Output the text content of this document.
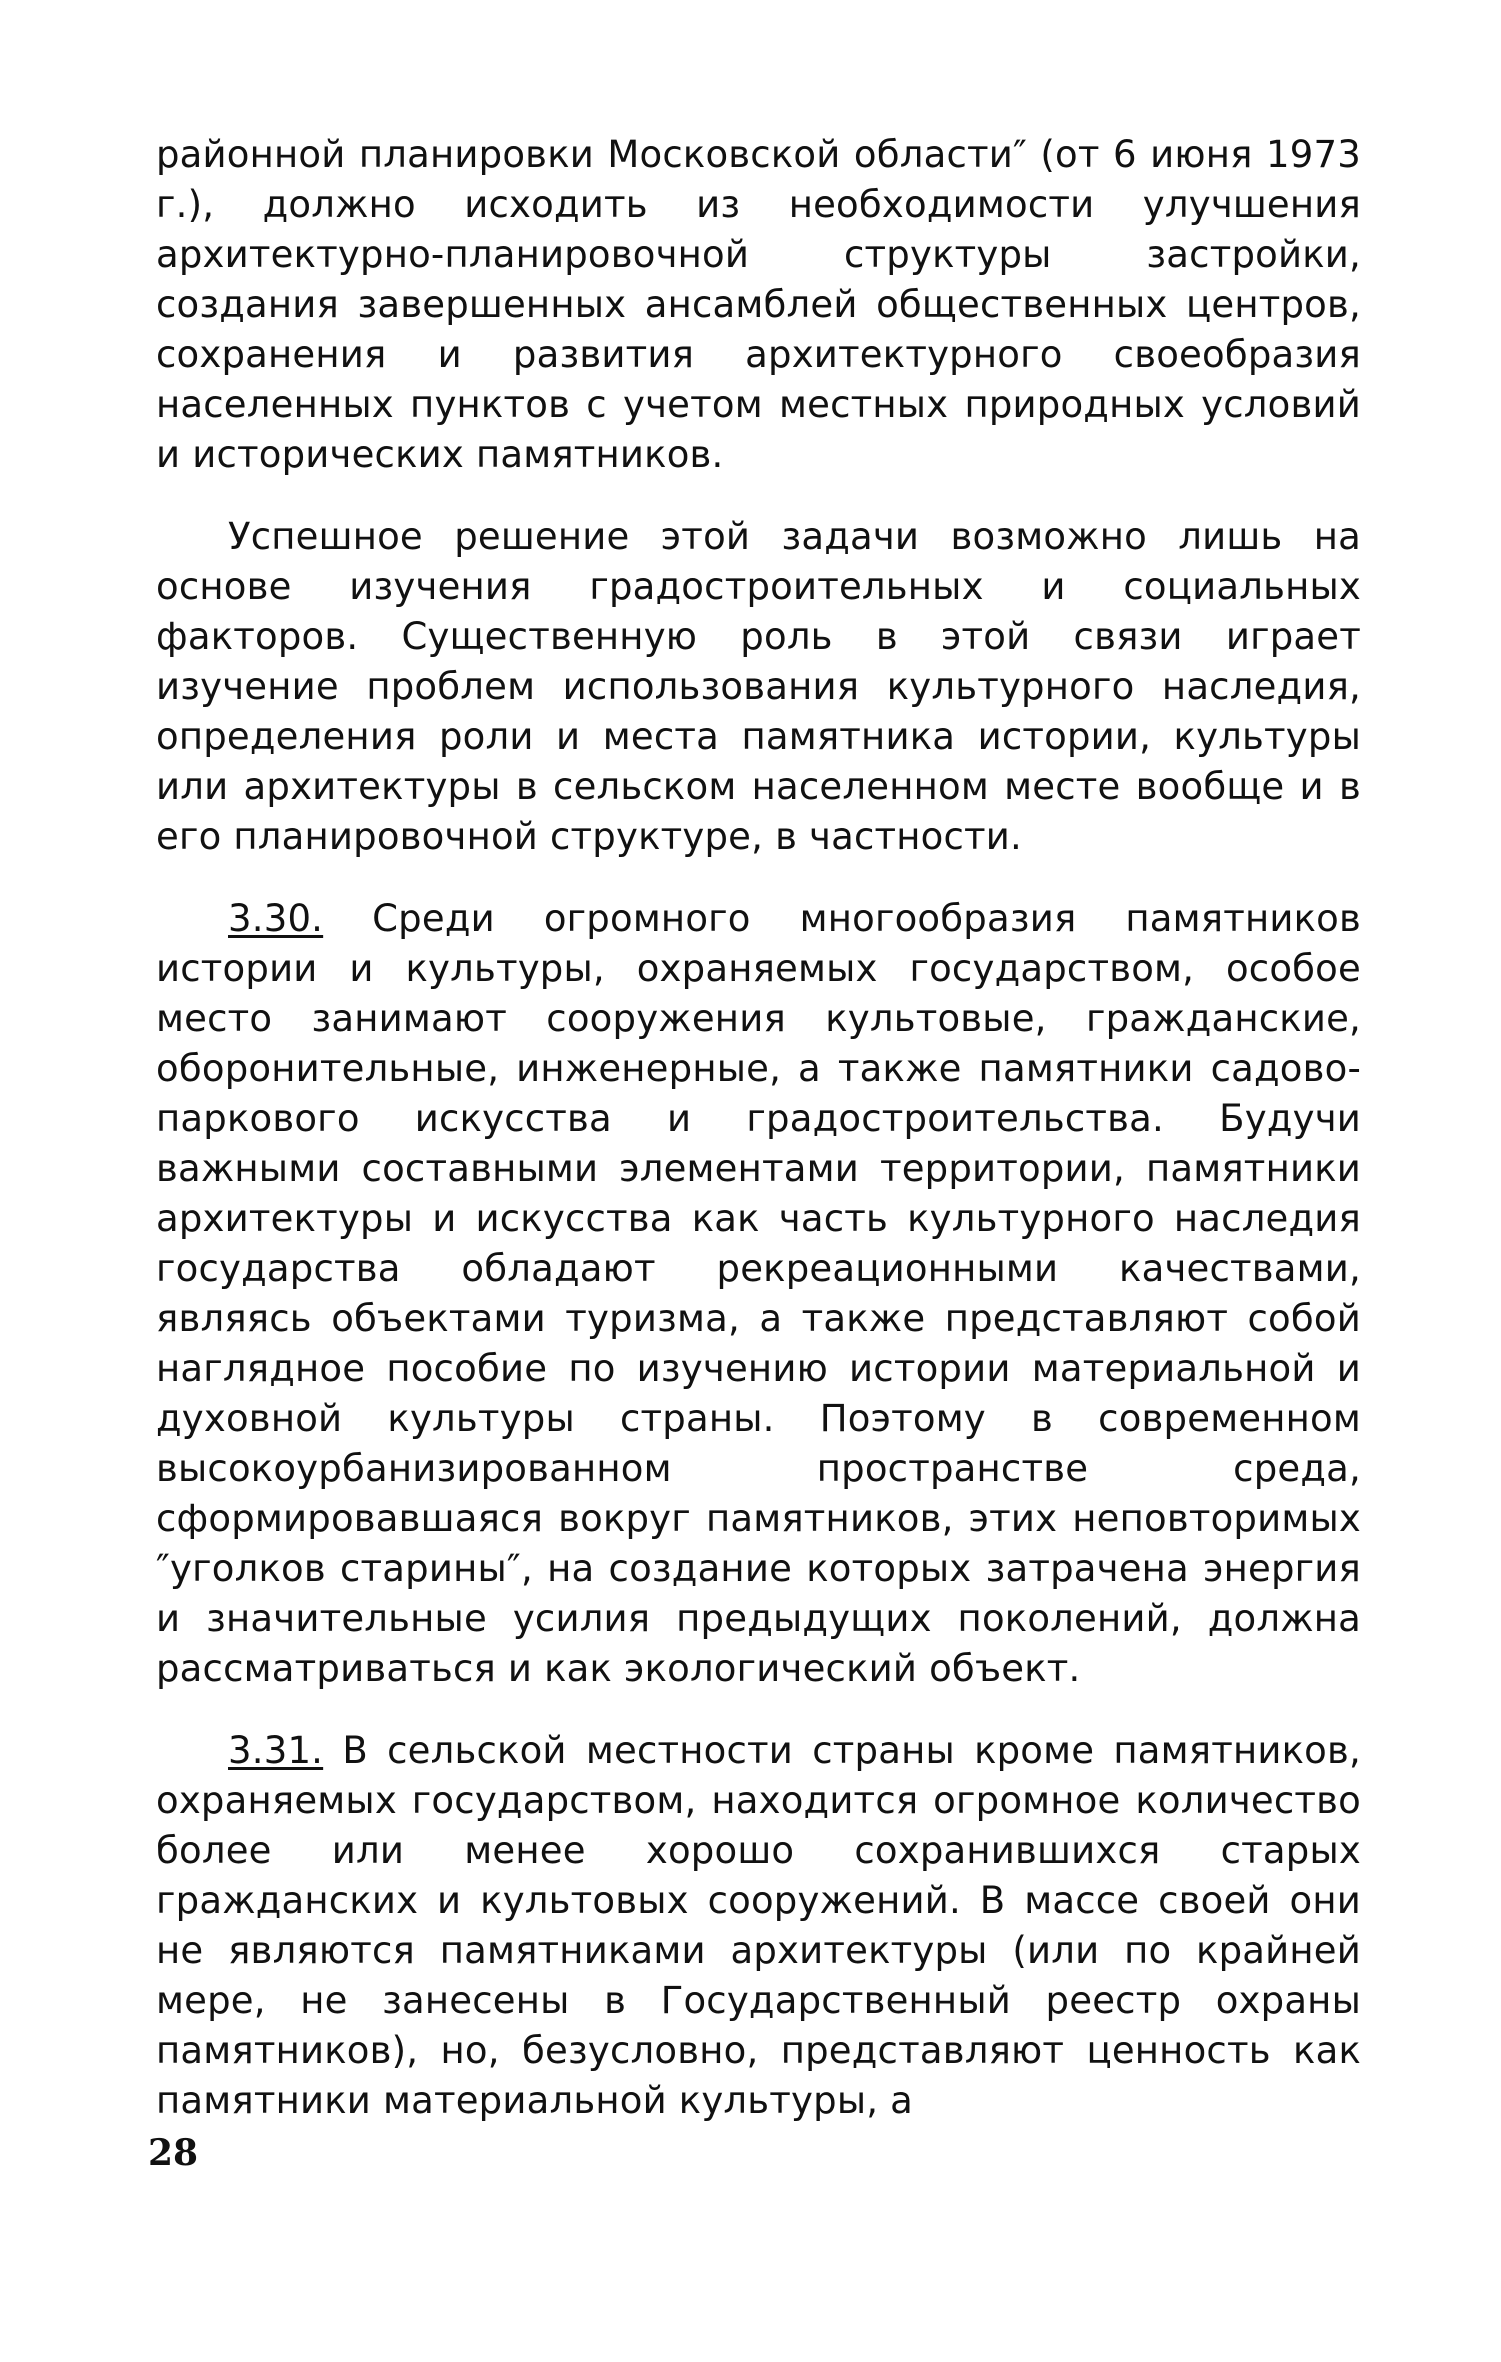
районной планировки Московской области″ (от 6 июня 1973 г.), должно исходить из необходимости улучшения архитектурно-планировочной структуры застройки, создания завершенных ансамблей общественных центров, сохранения и развития архитектурного своеобразия населенных пунктов с учетом местных природных условий и исторических памятников.

Успешное решение этой задачи возможно лишь на основе изучения градостроительных и социальных факторов. Существенную роль в этой связи играет изучение проблем использования культурного наследия, определения роли и места памятника истории, культуры или архитектуры в сельском населенном месте вообще и в его планировочной структуре, в частности.

3.30. Среди огромного многообразия памятников истории и культуры, охраняемых государством, особое место занимают сооружения культовые, гражданские, оборонительные, инженерные, а также памятники садово-паркового искусства и градостроительства. Будучи важными составными элементами территории, памятники архитектуры и искусства как часть культурного наследия государства обладают рекреационными качествами, являясь объектами туризма, а также представляют собой наглядное пособие по изучению истории материальной и духовной культуры страны. Поэтому в современном высокоурбанизированном пространстве среда, сформировавшаяся вокруг памятников, этих неповторимых ″уголков старины″, на создание которых затрачена энергия и значительные усилия предыдущих поколений, должна рассматриваться и как экологический объект.

3.31. В сельской местности страны кроме памятников, охраняемых государством, находится огромное количество более или менее хорошо сохранившихся старых гражданских и культовых сооружений. В массе своей они не являются памятниками архитектуры (или по крайней мере, не занесены в Государственный реестр охраны памятников), но, безусловно, представляют ценность как памятники материальной культуры, а

28
